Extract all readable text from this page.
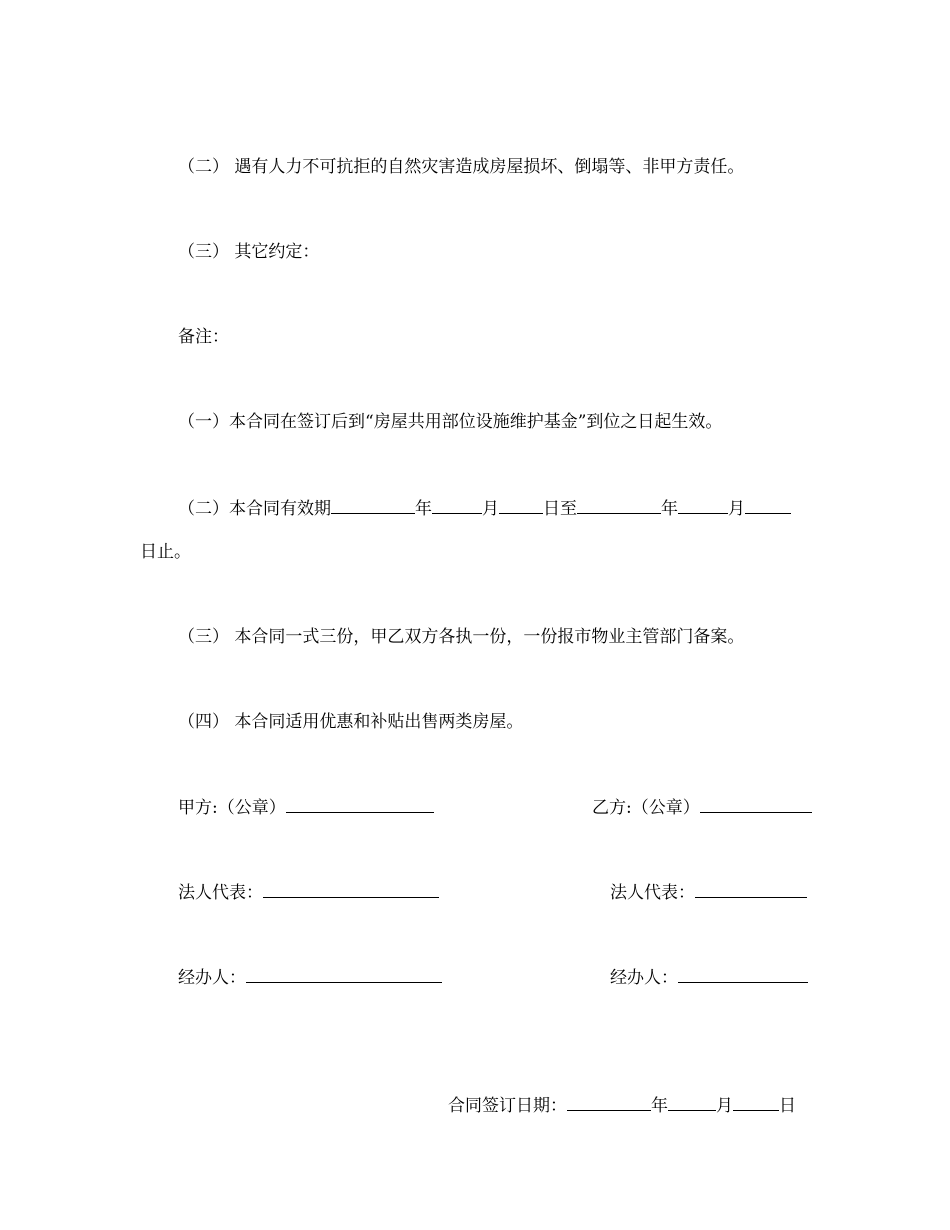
（二） 遇有人力不可抗拒的自然灾害造成房屋损坏、倒塌等、非甲方责任。
（三） 其它约定：
备注：
（一）本合同在签订后到“房屋共用部位设施维护基金”到位之日起生效。
（二）本合同有效期	年	月	日至	年	月
日止。
（三） 本合同一式三份，甲乙双方各执一份，一份报市物业主管部门备案。
（四） 本合同适用优惠和补贴出售两类房屋。
甲方:（公章）	乙方:（公章）
法人代表：	法人代表：
经办人：	经办人：
合同签订日期：	年	月	日
